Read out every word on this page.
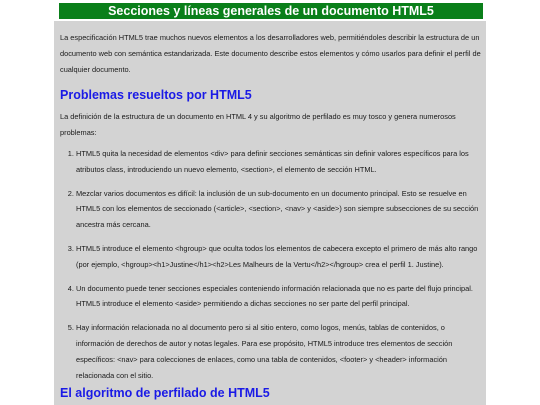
Secciones y líneas generales de un documento HTML5

La especificación HTML5 trae muchos nuevos elementos a los desarrolladores web, permitiéndoles describir la estructura de un documento web con semántica estandarizada. Este documento describe estos elementos y cómo usarlos para definir el perfil de cualquier documento.

Problemas resueltos por HTML5

La definición de la estructura de un documento en HTML 4 y su algoritmo de perfilado es muy tosco y genera numerosos problemas:

1. HTML5 quita la necesidad de elementos <div> para definir secciones semánticas sin definir valores específicos para los atributos class, introduciendo un nuevo elemento, <section>, el elemento de sección HTML.
2. Mezclar varios documentos es difícil: la inclusión de un sub-documento en un documento principal. Esto se resuelve en HTML5 con los elementos de seccionado (<article>, <section>, <nav> y <aside>) son siempre subsecciones de su sección ancestra más cercana.
3. HTML5 introduce el elemento <hgroup> que oculta todos los elementos de cabecera excepto el primero de más alto rango (por ejemplo, <hgroup><h1>Justine</h1><h2>Les Malheurs de la Vertu</h2></hgroup> crea el perfil 1. Justine).
4. Un documento puede tener secciones especiales conteniendo información relacionada que no es parte del flujo principal. HTML5 introduce el elemento <aside> permitiendo a dichas secciones no ser parte del perfil principal.
5. Hay información relacionada no al documento pero si al sitio entero, como logos, menús, tablas de contenidos, o información de derechos de autor y notas legales. Para ese propósito, HTML5 introduce tres elementos de sección específicos: <nav> para colecciones de enlaces, como una tabla de contenidos, <footer> y <header> información relacionada con el sitio.
El algoritmo de perfilado de HTML5
